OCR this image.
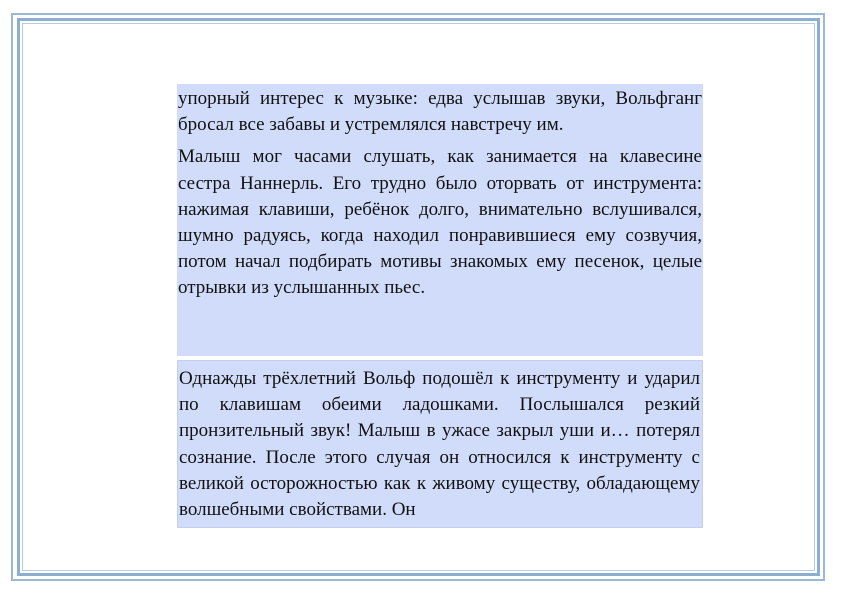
упорный интерес к музыке: едва услышав звуки, Вольфганг бросал все забавы и устремлялся навстречу им.

Малыш мог часами слушать, как занимается на клавесине сестра Наннерль. Его трудно было оторвать от инструмента: нажимая клавиши, ребёнок долго, внимательно вслушивался, шумно радуясь, когда находил понравившиеся ему созвучия, потом начал подбирать мотивы знакомых ему песенок, целые отрывки из услышанных пьес.

Однажды трёхлетний Вольф подошёл к инструменту и ударил по клавишам обеими ладошками. Послышался резкий пронзительный звук! Малыш в ужасе закрыл уши и… потерял сознание. После этого случая он относился к инструменту с великой осторожностью как к живому существу, обладающему волшебными свойствами. Он
